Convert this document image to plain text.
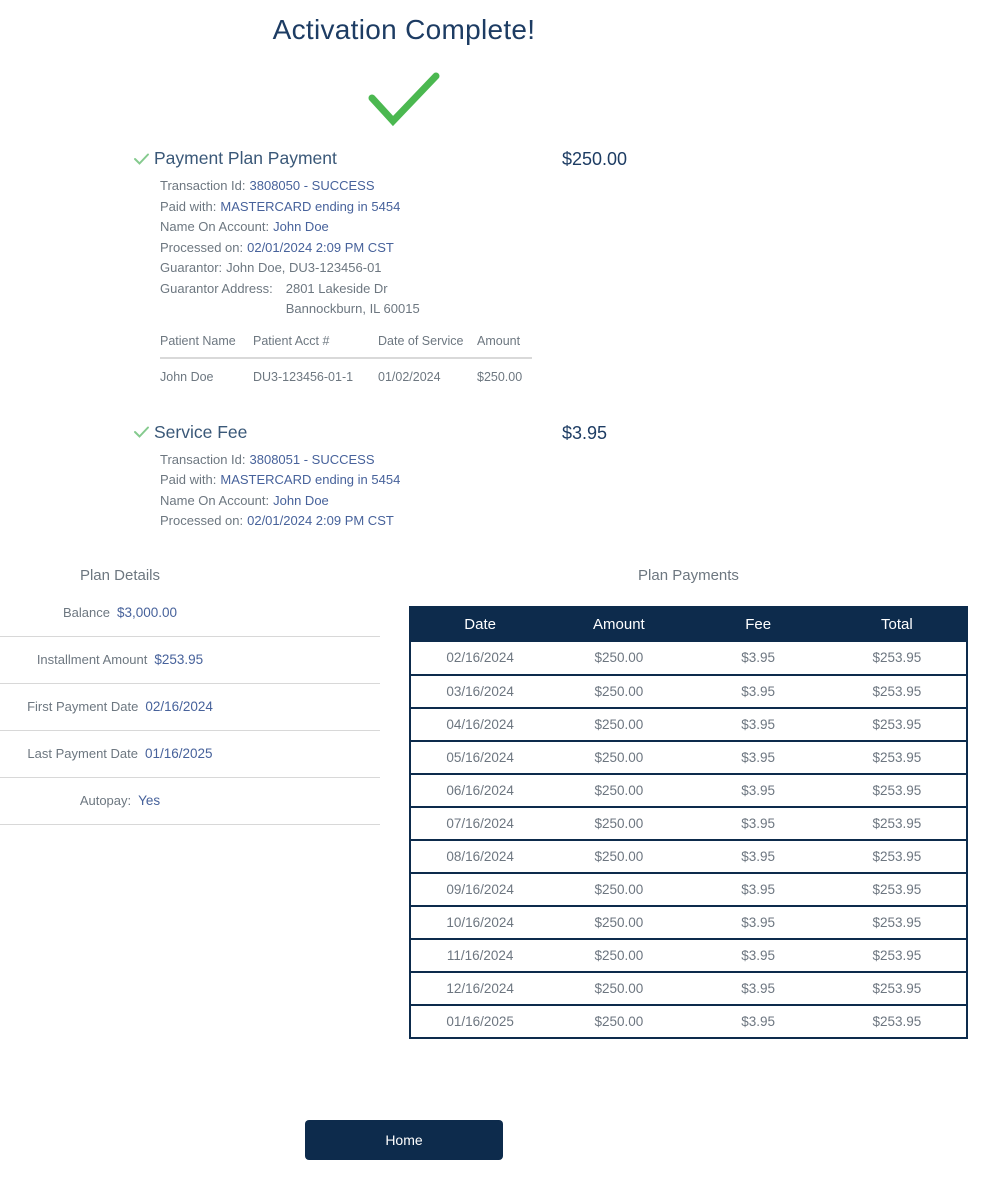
Activation Complete!
Payment Plan Payment	$250.00
Transaction Id: 3808050 - SUCCESS
Paid with: MASTERCARD ending in 5454
Name On Account: John Doe
Processed on: 02/01/2024 2:09 PM CST
Guarantor: John Doe, DU3-123456-01
Guarantor Address: 2801 Lakeside Dr
Bannockburn, IL 60015
Patient Name	Patient Acct #	Date of Service	Amount
John Doe	DU3-123456-01-1	01/02/2024	$250.00
Service Fee	$3.95
Transaction Id: 3808051 - SUCCESS
Paid with: MASTERCARD ending in 5454
Name On Account: John Doe
Processed on: 02/01/2024 2:09 PM CST
Plan Details
Balance $3,000.00
Installment Amount $253.95
First Payment Date 02/16/2024
Last Payment Date 01/16/2025
Autopay: Yes
Plan Payments
Date	Amount	Fee	Total
02/16/2024	$250.00	$3.95	$253.95
03/16/2024	$250.00	$3.95	$253.95
04/16/2024	$250.00	$3.95	$253.95
05/16/2024	$250.00	$3.95	$253.95
06/16/2024	$250.00	$3.95	$253.95
07/16/2024	$250.00	$3.95	$253.95
08/16/2024	$250.00	$3.95	$253.95
09/16/2024	$250.00	$3.95	$253.95
10/16/2024	$250.00	$3.95	$253.95
11/16/2024	$250.00	$3.95	$253.95
12/16/2024	$250.00	$3.95	$253.95
01/16/2025	$250.00	$3.95	$253.95
Home
